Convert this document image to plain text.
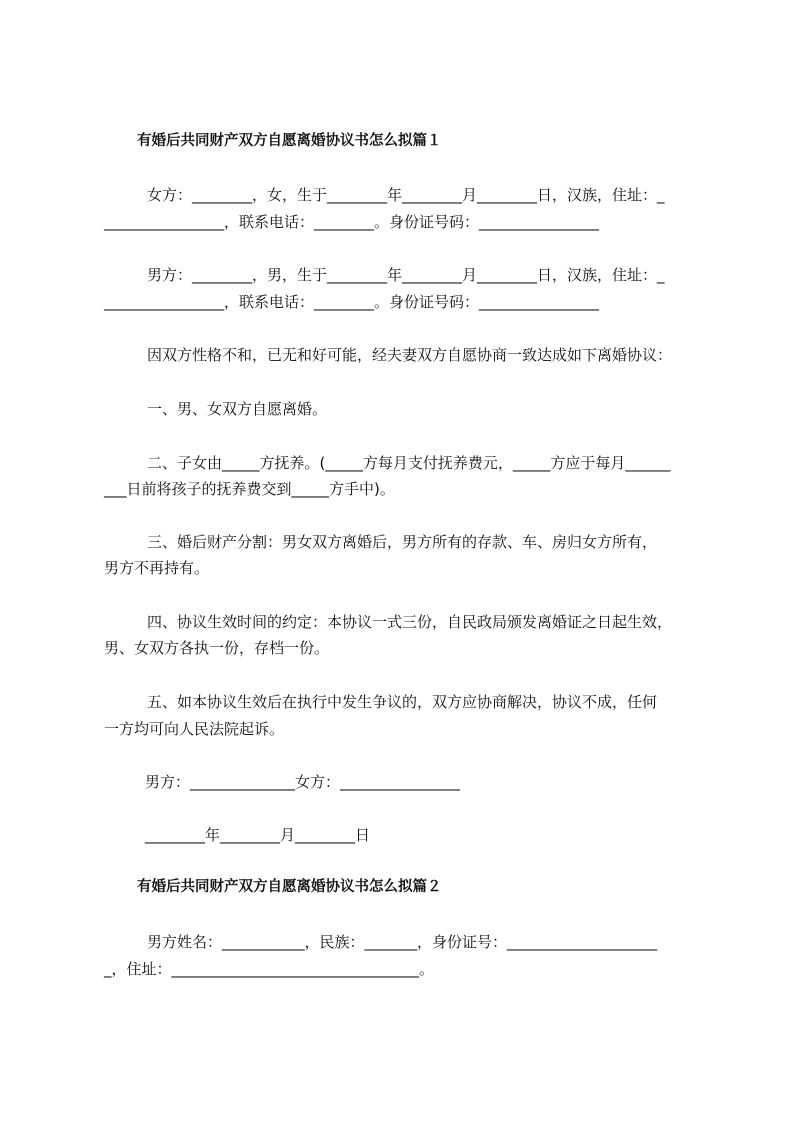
有婚后共同财产双方自愿离婚协议书怎么拟篇１
女方：________，女，生于________年________月________日，汉族，住址：_
________________，联系电话：________。身份证号码：________________
男方：________，男，生于________年________月________日，汉族，住址：_
________________，联系电话：________。身份证号码：________________
因双方性格不和，已无和好可能，经夫妻双方自愿协商一致达成如下离婚协议：
一、男、女双方自愿离婚。
二、子女由_____方抚养。(_____方每月支付抚养费元，_____方应于每月______
___日前将孩子的抚养费交到_____方手中)。
三、婚后财产分割：男女双方离婚后，男方所有的存款、车、房归女方所有，
男方不再持有。
四、协议生效时间的约定：本协议一式三份，自民政局颁发离婚证之日起生效，
男、女双方各执一份，存档一份。
五、如本协议生效后在执行中发生争议的，双方应协商解决，协议不成，任何
一方均可向人民法院起诉。
男方：______________女方：________________
________年________月________日
有婚后共同财产双方自愿离婚协议书怎么拟篇２
男方姓名：___________，民族：_______，身份证号：____________________
_，住址：_________________________________。
